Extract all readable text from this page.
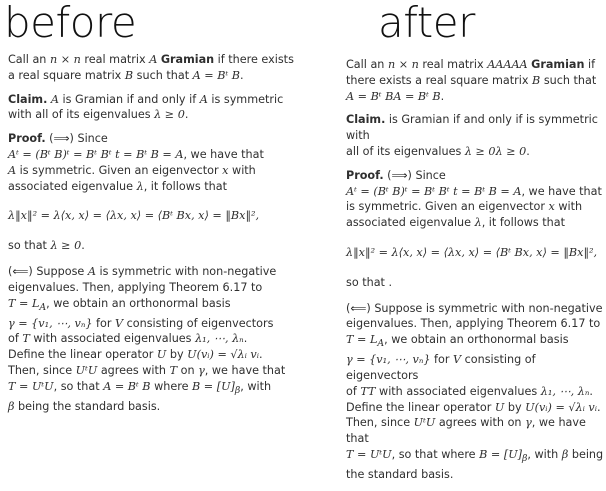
before

Call an n × n real matrix A Gramian if there exists
a real square matrix B such that A = Bᵗ B.

Claim. A is Gramian if and only if A is symmetric
with all of its eigenvalues λ ≥ 0.

Proof. (⟹) Since
Aᵗ = (Bᵗ B)ᵗ = Bᵗ Bᵗ t = Bᵗ B = A, we have that
A is symmetric. Given an eigenvector x with
associated eigenvalue λ, it follows that

λ‖x‖² = λ⟨x, x⟩ = ⟨λx, x⟩ = ⟨Bᵗ Bx, x⟩ = ‖Bx‖²,

so that λ ≥ 0.

(⟸) Suppose A is symmetric with non-negative
eigenvalues. Then, applying Theorem 6.17 to
$T = L_A$, we obtain an orthonormal basis
γ = {v₁, ⋯, vₙ} for V consisting of eigenvectors
of T with associated eigenvalues λ₁, ⋯, λₙ.
Define the linear operator U by U(vᵢ) = √λᵢ vᵢ.
Then, since UᵗU agrees with T on γ, we have that
T = UᵗU, so that A = Bᵗ B where $B = [U]_\beta$, with
β being the standard basis.

after

Call an n × n real matrix AAAAA Gramian if
there exists a real square matrix B such that
A = Bᵗ BA = Bᵗ B.

Claim. is Gramian if and only if is symmetric with
all of its eigenvalues λ ≥ 0λ ≥ 0.

Proof. (⟹) Since
Aᵗ = (Bᵗ B)ᵗ = Bᵗ Bᵗ t = Bᵗ B = A, we have that
is symmetric. Given an eigenvector x with
associated eigenvalue λ, it follows that

λ‖x‖² = λ⟨x, x⟩ = ⟨λx, x⟩ = ⟨Bᵗ Bx, x⟩ = ‖Bx‖²,

so that .

(⟸) Suppose is symmetric with non-negative
eigenvalues. Then, applying Theorem 6.17 to
$T = L_A$, we obtain an orthonormal basis
γ = {v₁, ⋯, vₙ} for V consisting of eigenvectors
of TT with associated eigenvalues λ₁, ⋯, λₙ.
Define the linear operator U by U(vᵢ) = √λᵢ vᵢ.
Then, since UᵗU agrees with on γ, we have that
T = UᵗU, so that where $B = [U]_\beta$, with β being
the standard basis.
